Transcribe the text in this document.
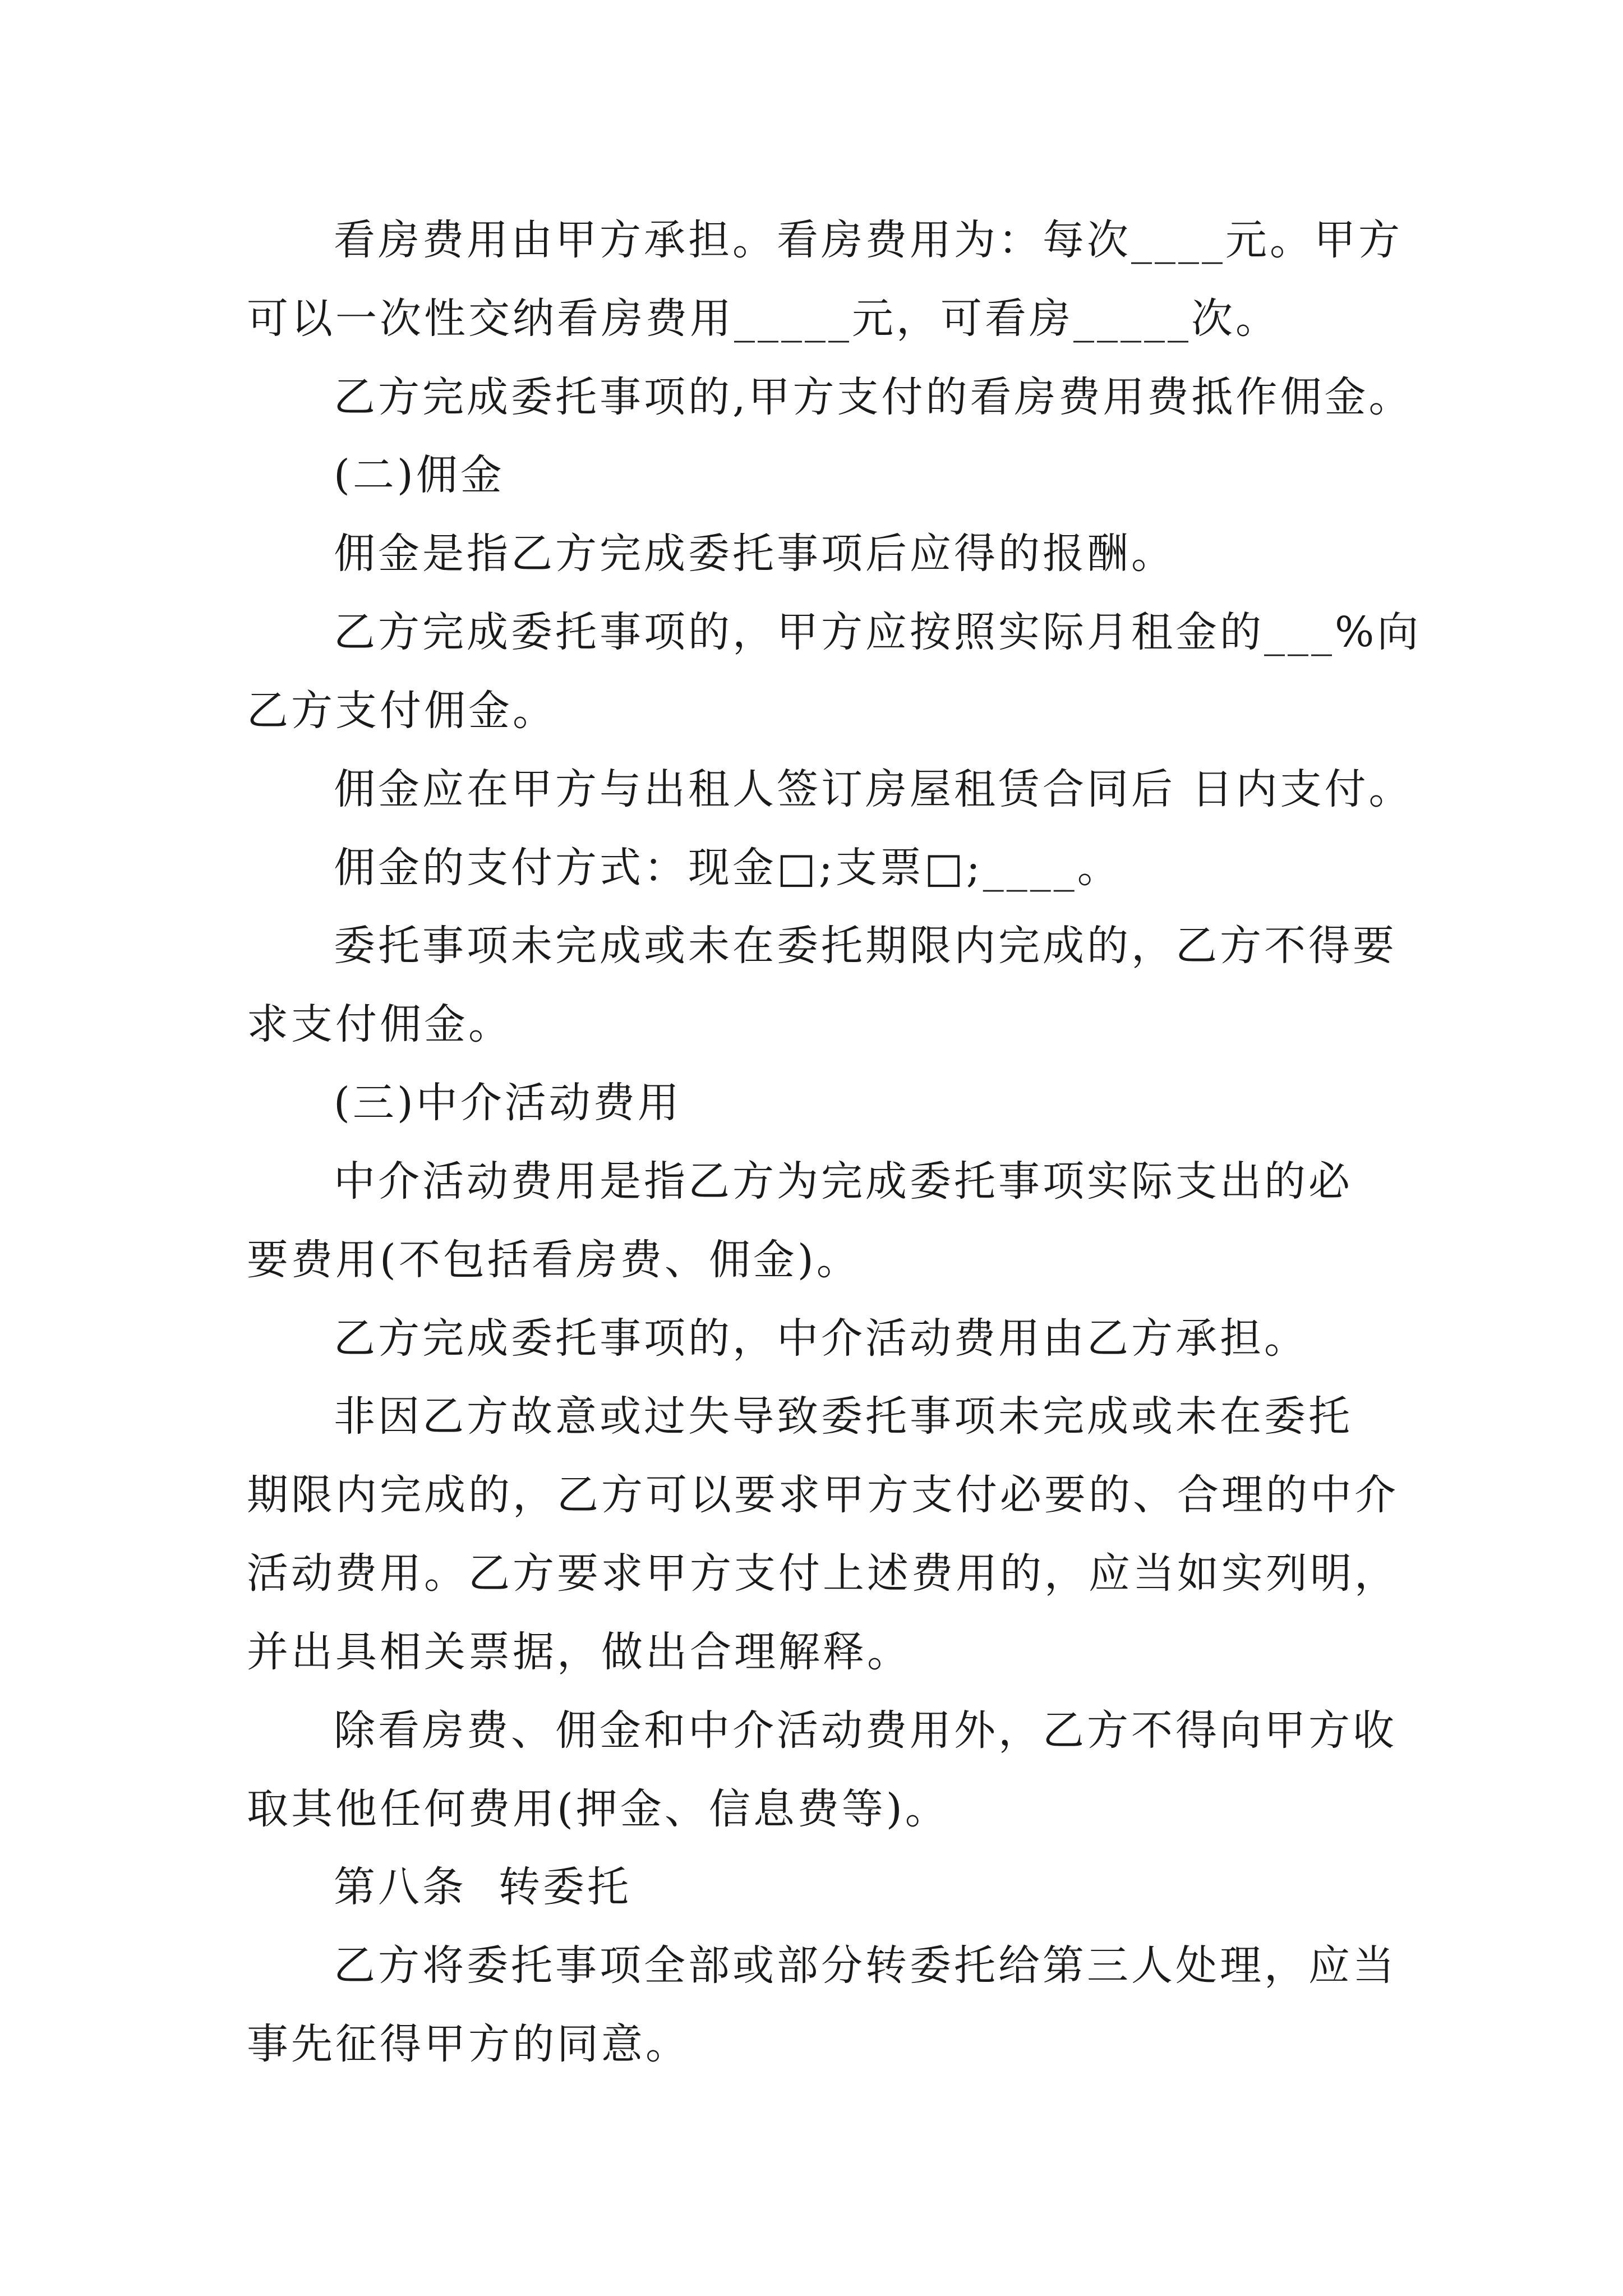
看房费用由甲方承担。看房费用为：每次____元。甲方
可以一次性交纳看房费用_____元，可看房_____次。
乙方完成委托事项的,甲方支付的看房费用费抵作佣金。
(二)佣金
佣金是指乙方完成委托事项后应得的报酬。
乙方完成委托事项的，甲方应按照实际月租金的___%向
乙方支付佣金。
佣金应在甲方与出租人签订房屋租赁合同后 日内支付。
佣金的支付方式：现金□;支票□;____。
委托事项未完成或未在委托期限内完成的，乙方不得要
求支付佣金。
(三)中介活动费用
中介活动费用是指乙方为完成委托事项实际支出的必
要费用(不包括看房费、佣金)。
乙方完成委托事项的，中介活动费用由乙方承担。
非因乙方故意或过失导致委托事项未完成或未在委托
期限内完成的，乙方可以要求甲方支付必要的、合理的中介
活动费用。乙方要求甲方支付上述费用的，应当如实列明，
并出具相关票据，做出合理解释。
除看房费、佣金和中介活动费用外，乙方不得向甲方收
取其他任何费用(押金、信息费等)。
第八条  转委托
乙方将委托事项全部或部分转委托给第三人处理，应当
事先征得甲方的同意。
